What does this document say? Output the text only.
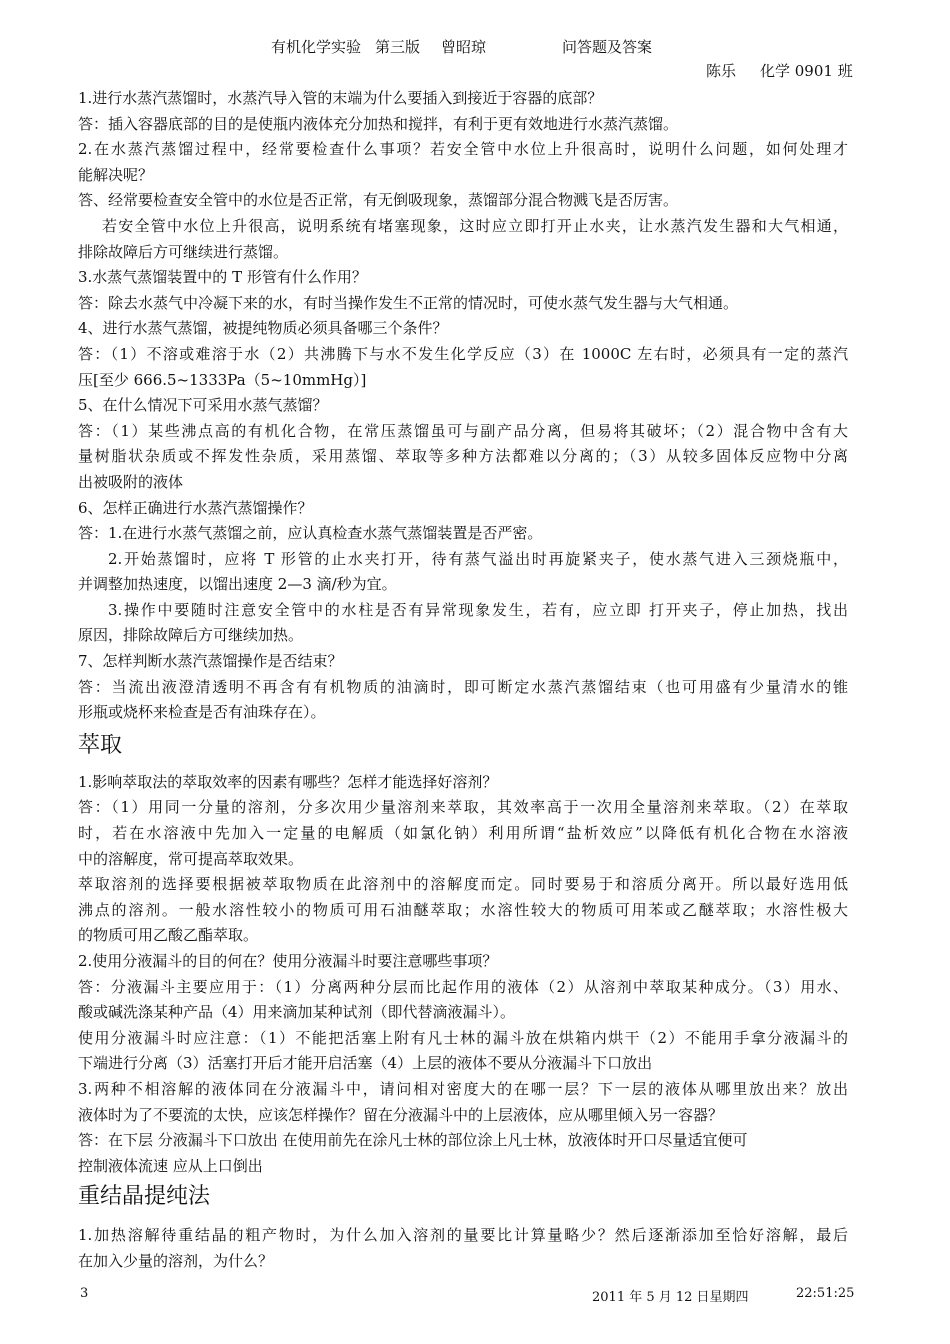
有机化学实验 第三版 曾昭琼	问答题及答案
陈乐 化学 0901 班
1.进行水蒸汽蒸馏时，水蒸汽导入管的末端为什么要插入到接近于容器的底部？
答：插入容器底部的目的是使瓶内液体充分加热和搅拌，有利于更有效地进行水蒸汽蒸馏。
2.在水蒸汽蒸馏过程中，经常要检查什么事项？若安全管中水位上升很高时，说明什么问题，如何处理才
能解决呢？
答、经常要检查安全管中的水位是否正常，有无倒吸现象，蒸馏部分混合物溅飞是否厉害。
若安全管中水位上升很高，说明系统有堵塞现象，这时应立即打开止水夹，让水蒸汽发生器和大气相通，
排除故障后方可继续进行蒸馏。
3.水蒸气蒸馏装置中的 T 形管有什么作用？
答：除去水蒸气中冷凝下来的水，有时当操作发生不正常的情况时，可使水蒸气发生器与大气相通。
4、进行水蒸气蒸馏，被提纯物质必须具备哪三个条件？
答：（1）不溶或难溶于水（2）共沸腾下与水不发生化学反应（3）在 1000C 左右时，必须具有一定的蒸汽
压[至少 666.5~1333Pa（5~10mmHg）]
5、在什么情况下可采用水蒸气蒸馏？
答：（1）某些沸点高的有机化合物，在常压蒸馏虽可与副产品分离，但易将其破坏；（2）混合物中含有大
量树脂状杂质或不挥发性杂质，采用蒸馏、萃取等多种方法都难以分离的；（3）从较多固体反应物中分离
出被吸附的液体
6、怎样正确进行水蒸汽蒸馏操作？
答：1.在进行水蒸气蒸馏之前，应认真检查水蒸气蒸馏装置是否严密。
2.开始蒸馏时，应将 T 形管的止水夹打开，待有蒸气溢出时再旋紧夹子，使水蒸气进入三颈烧瓶中，
并调整加热速度，以馏出速度 2—3 滴/秒为宜。
3.操作中要随时注意安全管中的水柱是否有异常现象发生，若有，应立即 打开夹子，停止加热，找出
原因，排除故障后方可继续加热。
7、怎样判断水蒸汽蒸馏操作是否结束？
答：当流出液澄清透明不再含有有机物质的油滴时，即可断定水蒸汽蒸馏结束（也可用盛有少量清水的锥
形瓶或烧杯来检查是否有油珠存在）。
萃取
1.影响萃取法的萃取效率的因素有哪些？怎样才能选择好溶剂？
答：（1）用同一分量的溶剂，分多次用少量溶剂来萃取，其效率高于一次用全量溶剂来萃取。（2）在萃取
时，若在水溶液中先加入一定量的电解质（如氯化钠）利用所谓“盐析效应”以降低有机化合物在水溶液
中的溶解度，常可提高萃取效果。
萃取溶剂的选择要根据被萃取物质在此溶剂中的溶解度而定。同时要易于和溶质分离开。所以最好选用低
沸点的溶剂。一般水溶性较小的物质可用石油醚萃取；水溶性较大的物质可用苯或乙醚萃取；水溶性极大
的物质可用乙酸乙酯萃取。
2.使用分液漏斗的目的何在？使用分液漏斗时要注意哪些事项？
答：分液漏斗主要应用于：（1）分离两种分层而比起作用的液体（2）从溶剂中萃取某种成分。（3）用水、
酸或碱洗涤某种产品（4）用来滴加某种试剂（即代替滴液漏斗）。
使用分液漏斗时应注意：（1）不能把活塞上附有凡士林的漏斗放在烘箱内烘干（2）不能用手拿分液漏斗的
下端进行分离（3）活塞打开后才能开启活塞（4）上层的液体不要从分液漏斗下口放出
3.两种不相溶解的液体同在分液漏斗中，请问相对密度大的在哪一层？下一层的液体从哪里放出来？放出
液体时为了不要流的太快，应该怎样操作？留在分液漏斗中的上层液体，应从哪里倾入另一容器？
答：在下层 分液漏斗下口放出 在使用前先在涂凡士林的部位涂上凡士林，放液体时开口尽量适宜便可
控制液体流速 应从上口倒出
重结晶提纯法
1.加热溶解待重结晶的粗产物时，为什么加入溶剂的量要比计算量略少？然后逐渐添加至恰好溶解，最后
在加入少量的溶剂，为什么？
3	2011 年 5 月 12 日星期四	22:51:25
